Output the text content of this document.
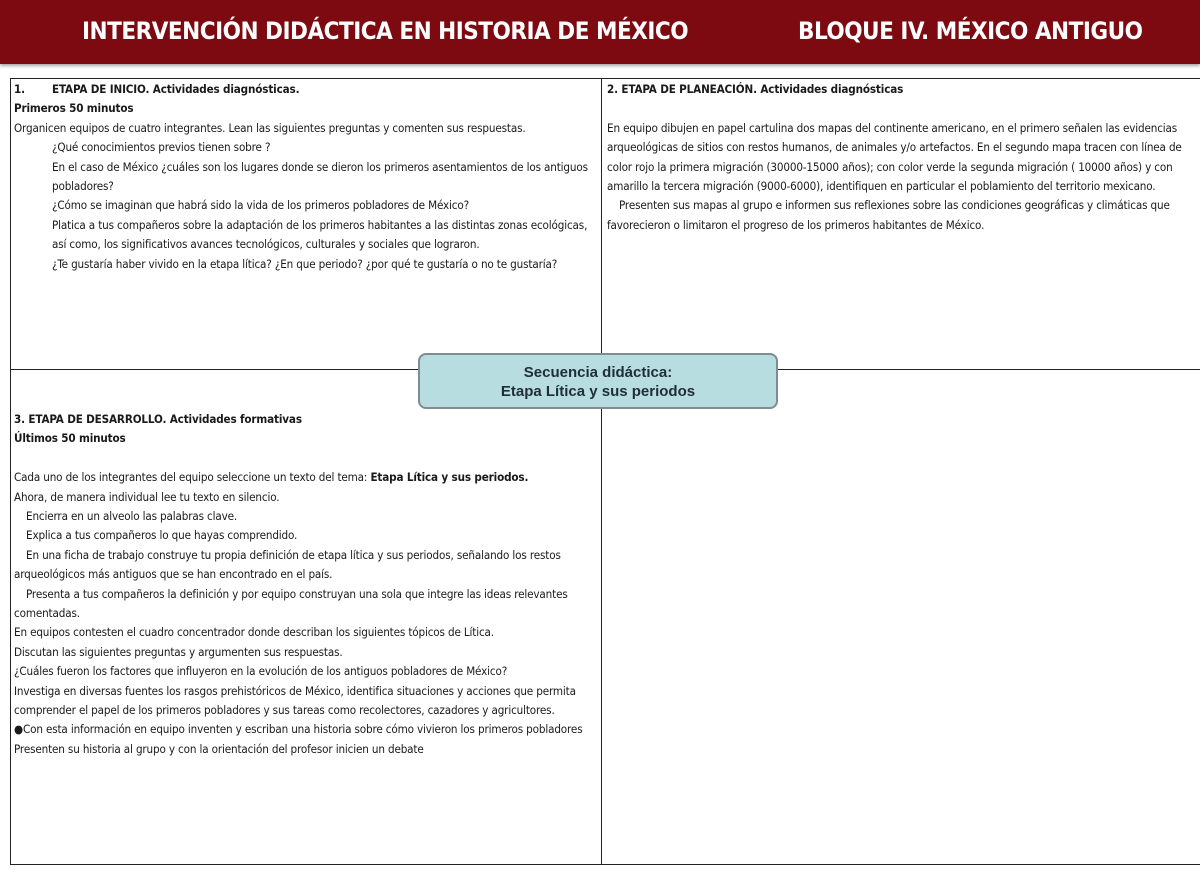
INTERVENCIÓN DIDÁCTICA EN HISTORIA DE MÉXICO	BLOQUE IV. MÉXICO ANTIGUO

1. ETAPA DE INICIO. Actividades diagnósticas.

Primeros 50 minutos

Organicen equipos de cuatro integrantes. Lean las siguientes preguntas y comenten sus respuestas.

¿Qué conocimientos previos tienen sobre ?

En el caso de México ¿cuáles son los lugares donde se dieron los primeros asentamientos de los antiguos pobladores?

¿Cómo se imaginan que habrá sido la vida de los primeros pobladores de México?

Platica a tus compañeros sobre la adaptación de los primeros habitantes a las distintas zonas ecológicas, así como, los significativos avances tecnológicos, culturales y sociales que lograron.

¿Te gustaría haber vivido en la etapa lítica? ¿En que periodo? ¿por qué te gustaría o no te gustaría?

2. ETAPA DE PLANEACIÓN. Actividades diagnósticas

En equipo dibujen en papel cartulina dos mapas del continente americano, en el primero señalen las evidencias arqueológicas de sitios con restos humanos, de animales y/o artefactos. En el segundo mapa tracen con línea de color rojo la primera migración (30000-15000 años); con color verde la segunda migración ( 10000 años) y con amarillo la tercera migración (9000-6000), identifiquen en particular el poblamiento del territorio mexicano.

Presenten sus mapas al grupo e informen sus reflexiones sobre las condiciones geográficas y climáticas que favorecieron o limitaron el progreso de los primeros habitantes de México.

Secuencia didáctica:
Etapa Lítica y sus periodos

3. ETAPA DE DESARROLLO. Actividades formativas

Últimos 50 minutos

Cada uno de los integrantes del equipo seleccione un texto del tema: Etapa Lítica y sus periodos.

Ahora, de manera individual lee tu texto en silencio.

Encierra en un alveolo las palabras clave.

Explica a tus compañeros lo que hayas comprendido.

En una ficha de trabajo construye tu propia definición de etapa lítica y sus periodos, señalando los restos arqueológicos más antiguos que se han encontrado en el país.

Presenta a tus compañeros la definición y por equipo construyan una sola que integre las ideas relevantes comentadas.

En equipos contesten el cuadro concentrador donde describan los siguientes tópicos de Lítica.

Discutan las siguientes preguntas y argumenten sus respuestas.

¿Cuáles fueron los factores que influyeron en la evolución de los antiguos pobladores de México?

Investiga en diversas fuentes los rasgos prehistóricos de México, identifica situaciones y acciones que permita comprender el papel de los primeros pobladores y sus tareas como recolectores, cazadores y agricultores.

●Con esta información en equipo inventen y escriban una historia sobre cómo vivieron los primeros pobladores

Presenten su historia al grupo y con la orientación del profesor inicien un debate
